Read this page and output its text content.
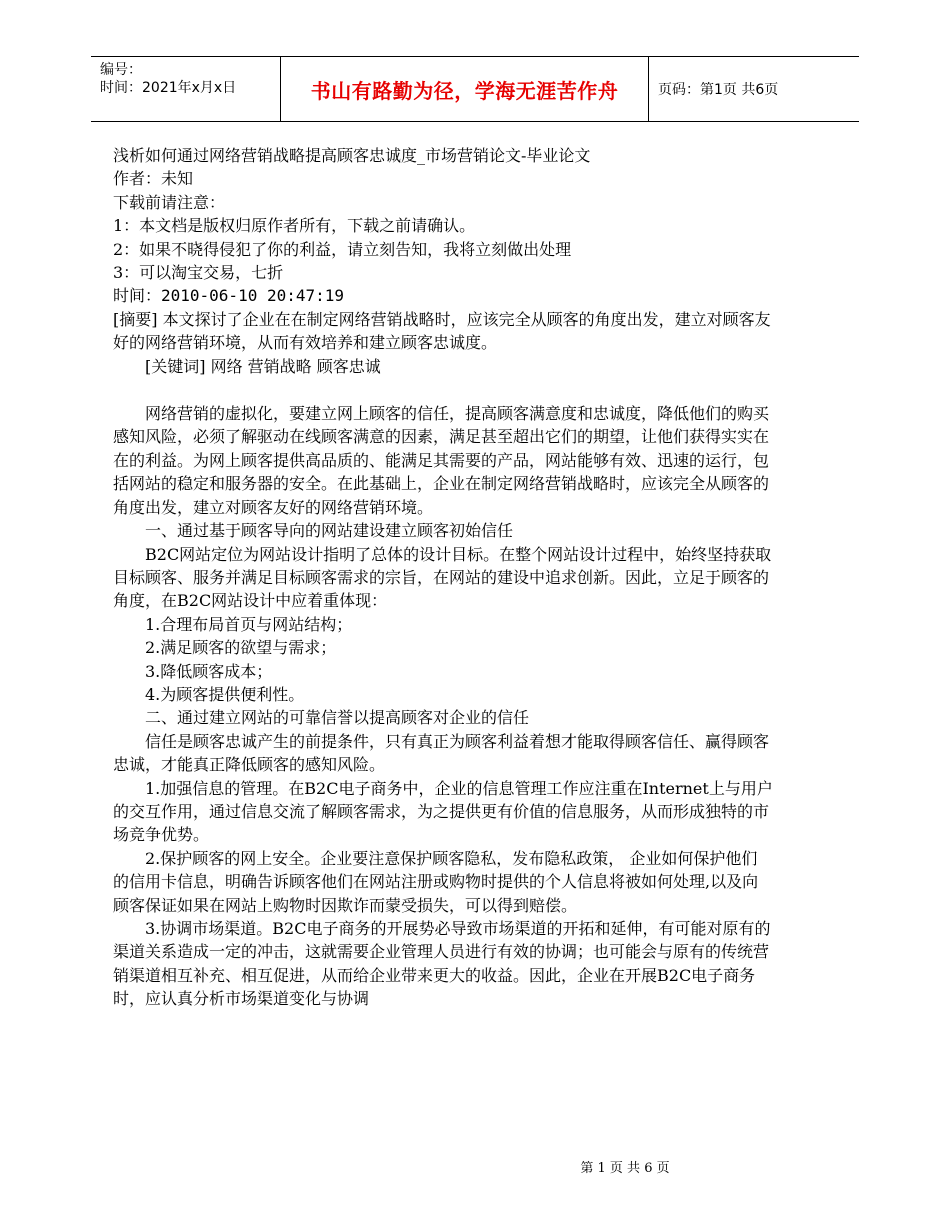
编号：
时间：2021年x月x日	书山有路勤为径，学海无涯苦作舟	页码：第1页 共6页

浅析如何通过网络营销战略提高顾客忠诚度_市场营销论文-毕业论文

作者：未知

下载前请注意：

1：本文档是版权归原作者所有，下载之前请确认。

2：如果不晓得侵犯了你的利益，请立刻告知，我将立刻做出处理

3：可以淘宝交易，七折

时间：2010-06-10 20:47:19

[摘要] 本文探讨了企业在在制定网络营销战略时，应该完全从顾客的角度出发，建立对顾客友好的网络营销环境，从而有效培养和建立顾客忠诚度。

[关键词] 网络 营销战略 顾客忠诚

网络营销的虚拟化，要建立网上顾客的信任，提高顾客满意度和忠诚度，降低他们的购买感知风险，必须了解驱动在线顾客满意的因素，满足甚至超出它们的期望，让他们获得实实在在的利益。为网上顾客提供高品质的、能满足其需要的产品，网站能够有效、迅速的运行，包括网站的稳定和服务器的安全。在此基础上，企业在制定网络营销战略时，应该完全从顾客的角度出发，建立对顾客友好的网络营销环境。

一、通过基于顾客导向的网站建设建立顾客初始信任

B2C网站定位为网站设计指明了总体的设计目标。在整个网站设计过程中，始终坚持获取目标顾客、服务并满足目标顾客需求的宗旨，在网站的建设中追求创新。因此，立足于顾客的角度，在B2C网站设计中应着重体现：

1.合理布局首页与网站结构；

2.满足顾客的欲望与需求；

3.降低顾客成本；

4.为顾客提供便利性。

二、通过建立网站的可靠信誉以提高顾客对企业的信任

信任是顾客忠诚产生的前提条件，只有真正为顾客利益着想才能取得顾客信任、赢得顾客忠诚，才能真正降低顾客的感知风险。

1.加强信息的管理。在B2C电子商务中，企业的信息管理工作应注重在Internet上与用户的交互作用，通过信息交流了解顾客需求，为之提供更有价值的信息服务，从而形成独特的市场竞争优势。

2.保护顾客的网上安全。企业要注意保护顾客隐私，发布隐私政策， 企业如何保护他们的信用卡信息，明确告诉顾客他们在网站注册或购物时提供的个人信息将被如何处理,以及向顾客保证如果在网站上购物时因欺诈而蒙受损失，可以得到赔偿。

3.协调市场渠道。B2C电子商务的开展势必导致市场渠道的开拓和延伸，有可能对原有的渠道关系造成一定的冲击，这就需要企业管理人员进行有效的协调；也可能会与原有的传统营销渠道相互补充、相互促进，从而给企业带来更大的收益。因此，企业在开展B2C电子商务时，应认真分析市场渠道变化与协调

第 1 页 共 6 页
